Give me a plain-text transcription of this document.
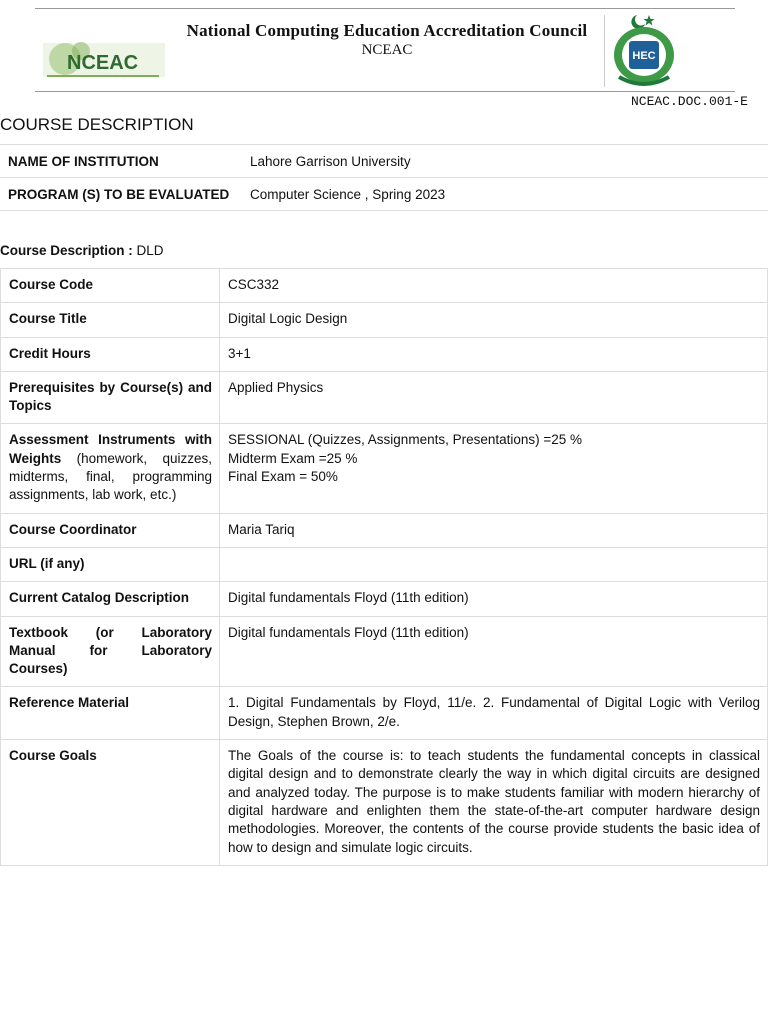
NCEAC
National Computing Education Accreditation Council
NCEAC	HEC
NCEAC.DOC.001-E
COURSE DESCRIPTION
NAME OF INSTITUTION	Lahore Garrison University
PROGRAM (S) TO BE EVALUATED	Computer Science , Spring 2023
Course Description : DLD
Course Code	CSC332
Course Title	Digital Logic Design
Credit Hours	3+1
Prerequisites by Course(s) and Topics	Applied Physics
Assessment Instruments with Weights (homework, quizzes, midterms, final, programming assignments, lab work, etc.)	SESSIONAL (Quizzes, Assignments, Presentations) =25 %
Midterm Exam =25 %
Final Exam = 50%
Course Coordinator	Maria Tariq
URL (if any)	
Current Catalog Description	Digital fundamentals Floyd (11th edition)
Textbook (or Laboratory Manual for Laboratory Courses)	Digital fundamentals Floyd (11th edition)
Reference Material	1. Digital Fundamentals by Floyd, 11/e. 2. Fundamental of Digital Logic with Verilog Design, Stephen Brown, 2/e.
Course Goals	The Goals of the course is: to teach students the fundamental concepts in classical digital design and to demonstrate clearly the way in which digital circuits are designed and analyzed today. The purpose is to make students familiar with modern hierarchy of digital hardware and enlighten them the state-of-the-art computer hardware design methodologies. Moreover, the contents of the course provide students the basic idea of how to design and simulate logic circuits.
